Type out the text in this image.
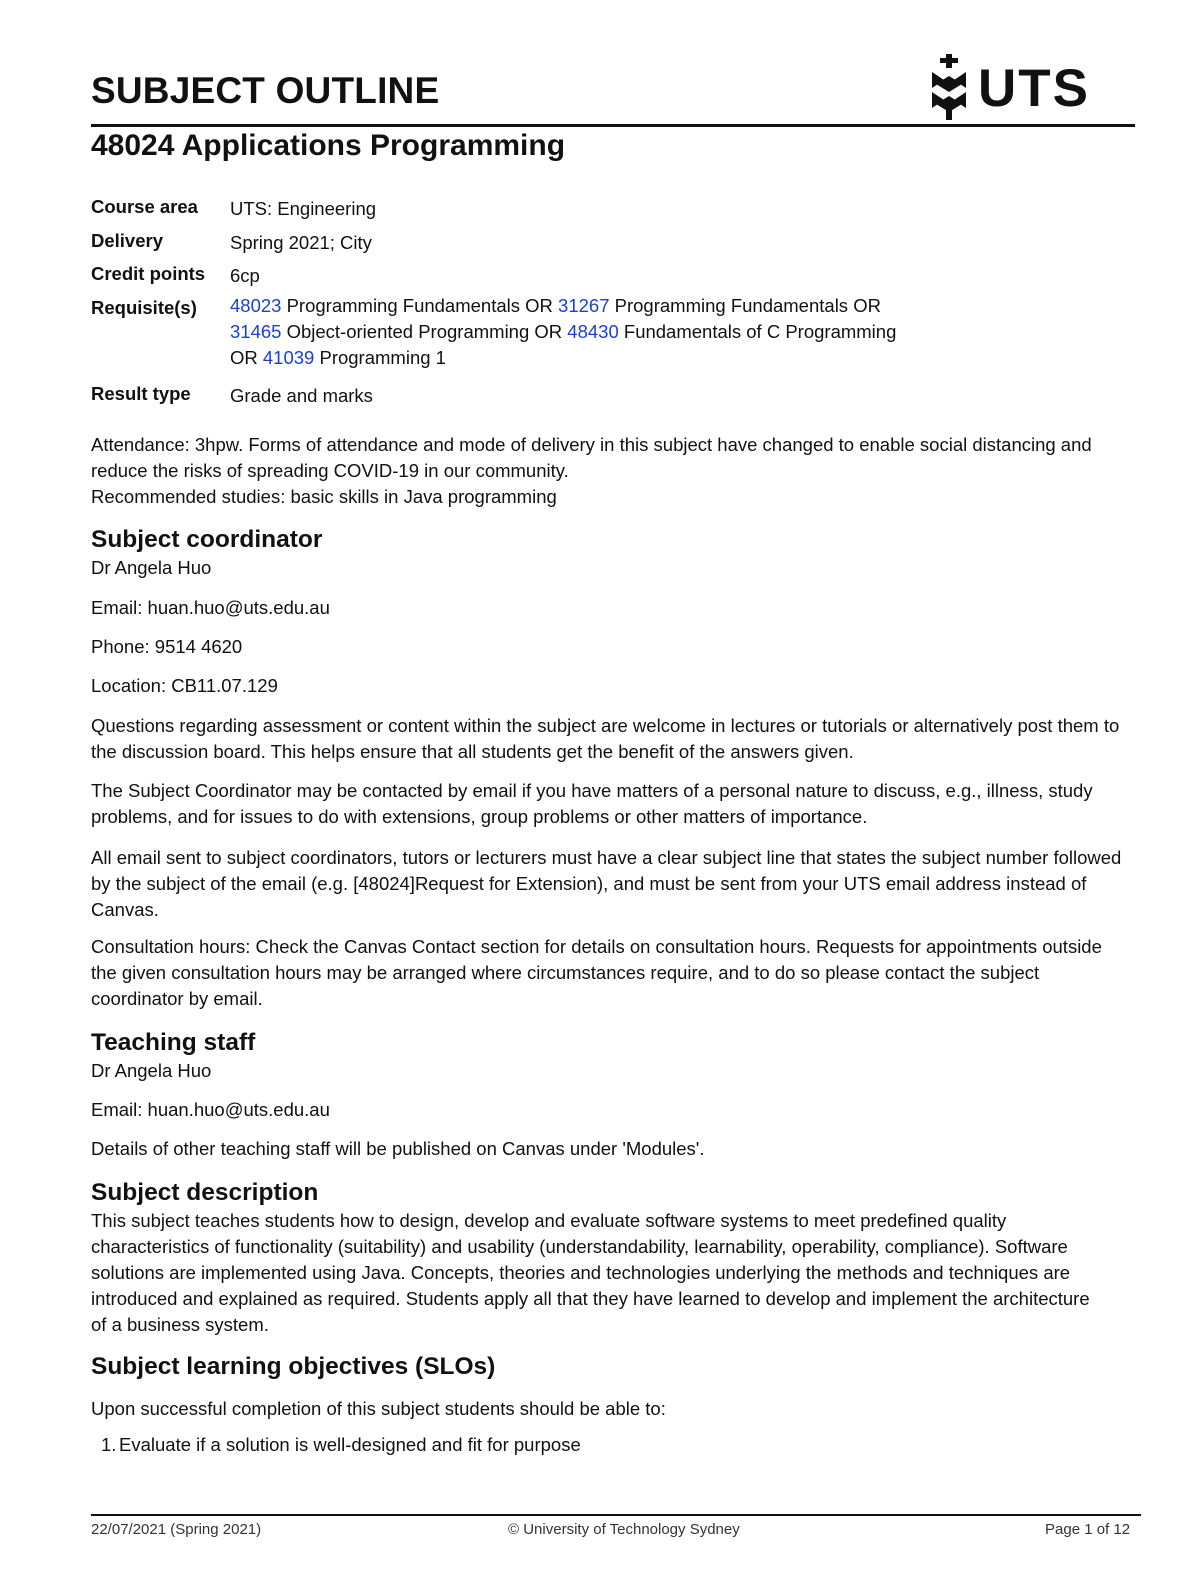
SUBJECT OUTLINE	UTS
48024 Applications Programming
Course area UTS: Engineering
Delivery	Spring 2021; City
Credit points 6cp
Requisite(s) 48023 Programming Fundamentals OR 31267 Programming Fundamentals OR
31465 Object-oriented Programming OR 48430 Fundamentals of C Programming
OR 41039 Programming 1
Result type Grade and marks

Attendance: 3hpw. Forms of attendance and mode of delivery in this subject have changed to enable social distancing and reduce the risks of spreading COVID-19 in our community.

Recommended studies: basic skills in Java programming

Subject coordinator

Dr Angela Huo

Email: huan.huo@uts.edu.au

Phone: 9514 4620

Location: CB11.07.129

Questions regarding assessment or content within the subject are welcome in lectures or tutorials or alternatively post them to the discussion board. This helps ensure that all students get the benefit of the answers given.

The Subject Coordinator may be contacted by email if you have matters of a personal nature to discuss, e.g., illness, study problems, and for issues to do with extensions, group problems or other matters of importance.

All email sent to subject coordinators, tutors or lecturers must have a clear subject line that states the subject number followed by the subject of the email (e.g. [48024]Request for Extension), and must be sent from your UTS email address instead of Canvas.

Consultation hours: Check the Canvas Contact section for details on consultation hours. Requests for appointments outside the given consultation hours may be arranged where circumstances require, and to do so please contact the subject coordinator by email.

Teaching staff

Dr Angela Huo

Email: huan.huo@uts.edu.au

Details of other teaching staff will be published on Canvas under 'Modules'.

Subject description

This subject teaches students how to design, develop and evaluate software systems to meet predefined quality characteristics of functionality (suitability) and usability (understandability, learnability, operability, compliance). Software solutions are implemented using Java. Concepts, theories and technologies underlying the methods and techniques are introduced and explained as required. Students apply all that they have learned to develop and implement the architecture of a business system.

Subject learning objectives (SLOs)

Upon successful completion of this subject students should be able to:

1. Evaluate if a solution is well-designed and fit for purpose
22/07/2021 (Spring 2021)	© University of Technology Sydney	Page 1 of 12
